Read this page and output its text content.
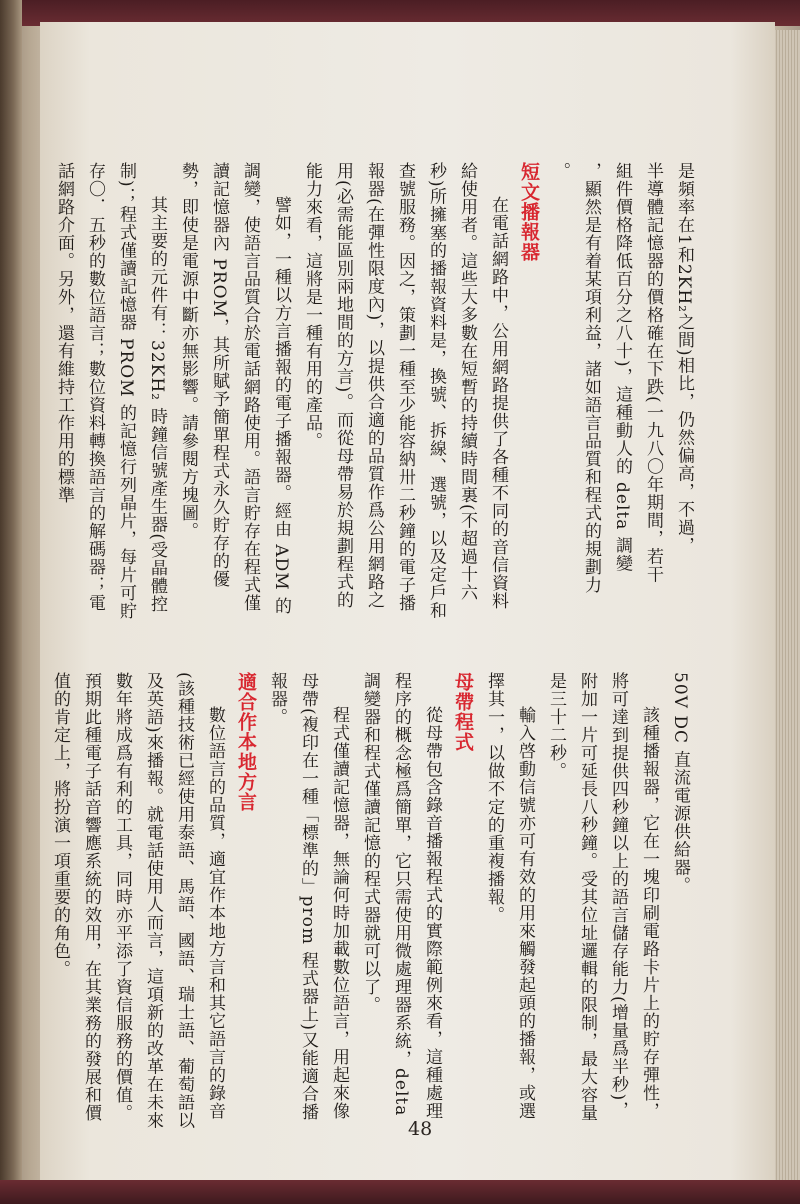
是頻率在1和2KH₂之間)相比，仍然偏高，不過，

半導體記憶器的價格確在下跌(一九八〇年期間，若干

組件價格降低百分之八十)，這種動人的 delta 調變

，顯然是有着某項利益，諸如語言品質和程式的規劃力

。

短文播報器

在電話網路中，公用網路提供了各種不同的音信資料給使用者。這些大多數在短暫的持續時間裏(不超過十六秒)所擁塞的播報資料是，換號、拆線、選號，以及定戶和查號服務。因之，策劃一種至少能容納卅二秒鐘的電子播報器(在彈性限度內)，以提供合適的品質作爲公用網路之用(必需能區別兩地間的方言)。而從母帶易於規劃程式的能力來看，這將是一種有用的產品。

譬如，一種以方言播報的電子播報器。經由 ADM 的調變，使語言品質合於電話網路使用。語言貯存在程式僅讀記憶器內 PROM，其所賦予簡單程式永久貯存的優勢，即使是電源中斷亦無影響。請參閱方塊圖。

其主要的元件有：32KH₂ 時鐘信號產生器(受晶體控制)；程式僅讀記憶器 PROM 的記憶行列晶片，每片可貯存〇．五秒的數位語言；數位資料轉換語言的解碼器；電話網路介面。另外，還有維持工作用的標準

50V DC 直流電源供給器。

該種播報器，它在一塊印刷電路卡片上的貯存彈性，將可達到提供四秒鐘以上的語言儲存能力(增量爲半秒)，附加一片可延長八秒鐘。受其位址邏輯的限制，最大容量是三十二秒。

輸入啓動信號亦可有效的用來觸發起頭的播報，或選擇其一，以做不定的重複播報。

母帶程式

從母帶包含錄音播報程式的實際範例來看，這種處理程序的概念極爲簡單，它只需使用微處理器系統，delta 調變器和程式僅讀記憶的程式器就可以了。

程式僅讀記憶器，無論何時加載數位語言，用起來像母帶(複印在一種「標準的」prom 程式器上)又能適合播報器。

適合作本地方言

數位語言的品質，適宜作本地方言和其它語言的錄音(該種技術已經使用泰語、馬語、國語、瑞士語、葡萄語以及英語)來播報。就電話使用人而言，這項新的改革在未來數年將成爲有利的工具，同時亦平添了資信服務的價值。預期此種電子話音響應系統的效用，在其業務的發展和價值的肯定上，將扮演一項重要的角色。

48
